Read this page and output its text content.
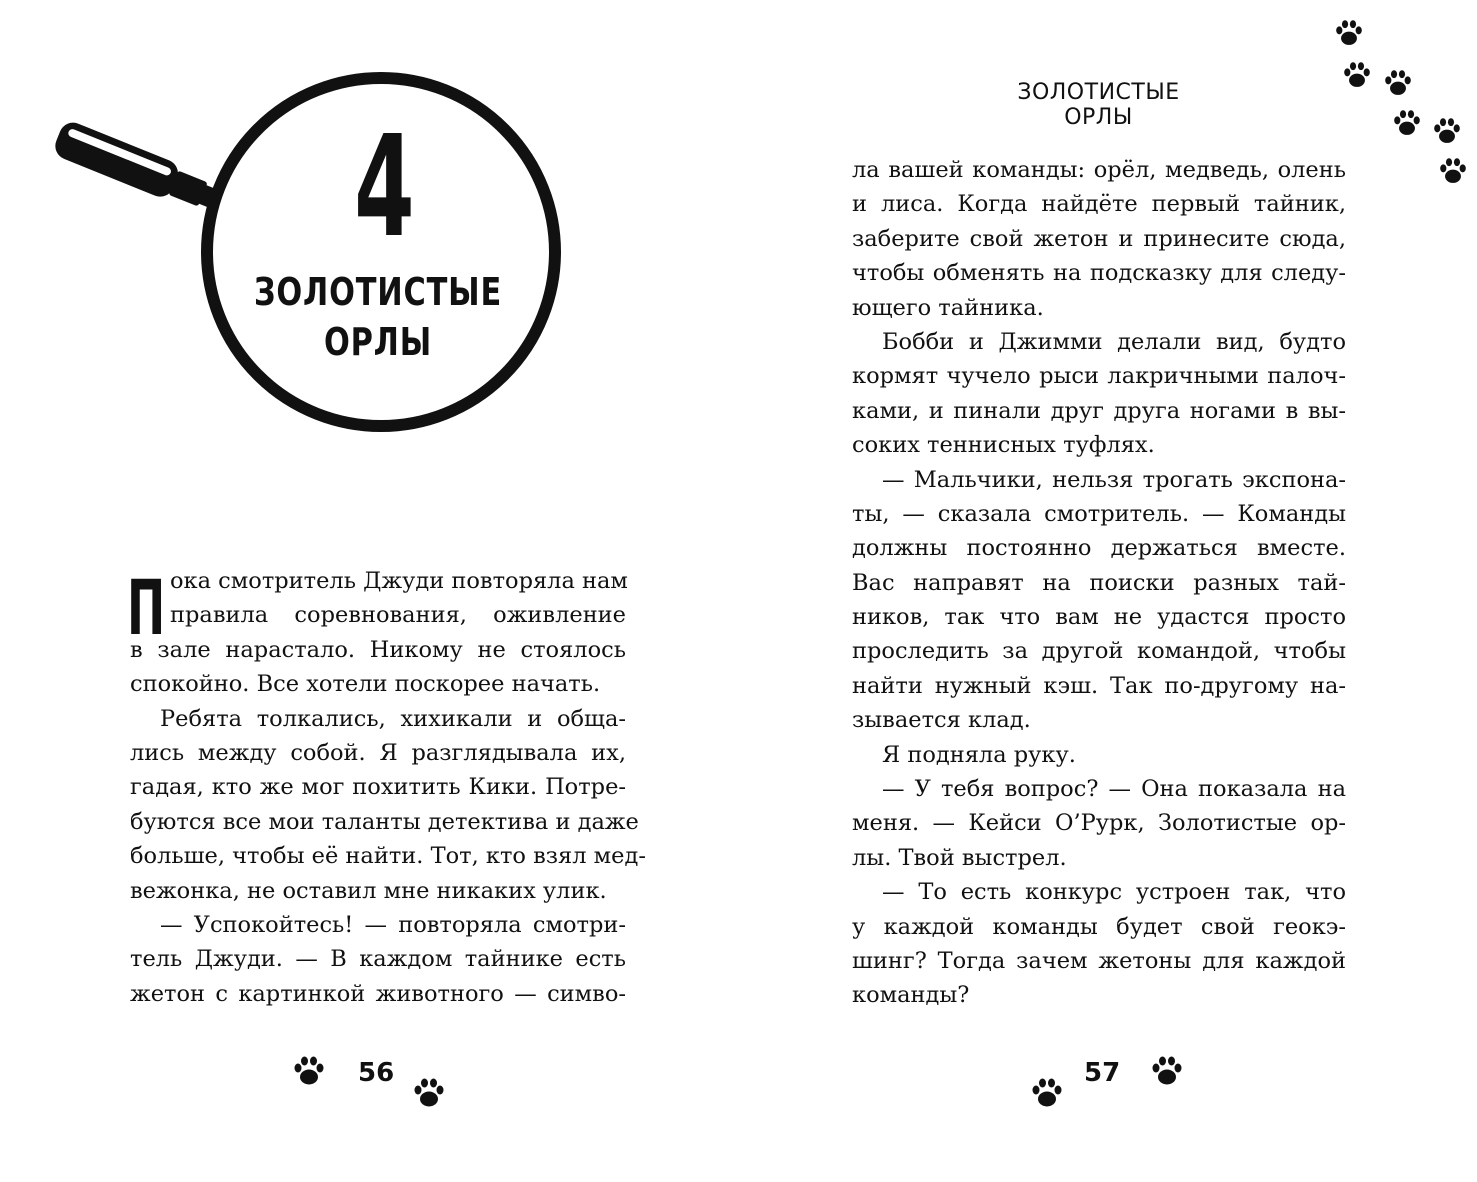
4
ЗОЛОТИСТЫЕ
ОРЛЫ
П ока смотритель Джуди повторяла нам
правила соревнования, оживление
в зале нарастало. Никому не стоялось
спокойно. Все хотели поскорее начать.
Ребята толкались, хихикали и обща-
лись между собой. Я разглядывала их,
гадая, кто же мог похитить Кики. Потре-
буются все мои таланты детектива и даже
больше, чтобы её найти. Тот, кто взял мед-
вежонка, не оставил мне никаких улик.
— Успокойтесь! — повторяла смотри-
тель Джуди. — В каждом тайнике есть
жетон с картинкой животного — симво-
56
ЗОЛОТИСТЫЕ ОРЛЫ
ла вашей команды: орёл, медведь, олень
и лиса. Когда найдёте первый тайник,
заберите свой жетон и принесите сюда,
чтобы обменять на подсказку для следу-
ющего тайника.
Бобби и Джимми делали вид, будто
кормят чучело рыси лакричными палоч-
ками, и пинали друг друга ногами в вы-
соких теннисных туфлях.
— Мальчики, нельзя трогать экспона-
ты, — сказала смотритель. — Команды
должны постоянно держаться вместе.
Вас направят на поиски разных тай-
ников, так что вам не удастся просто
проследить за другой командой, чтобы
найти нужный кэш. Так по-другому на-
зывается клад.
Я подняла руку.
— У тебя вопрос? — Она показала на
меня. — Кейси О’Рурк, Золотистые ор-
лы. Твой выстрел.
— То есть конкурс устроен так, что
у каждой команды будет свой геокэ-
шинг? Тогда зачем жетоны для каждой
команды?
57
